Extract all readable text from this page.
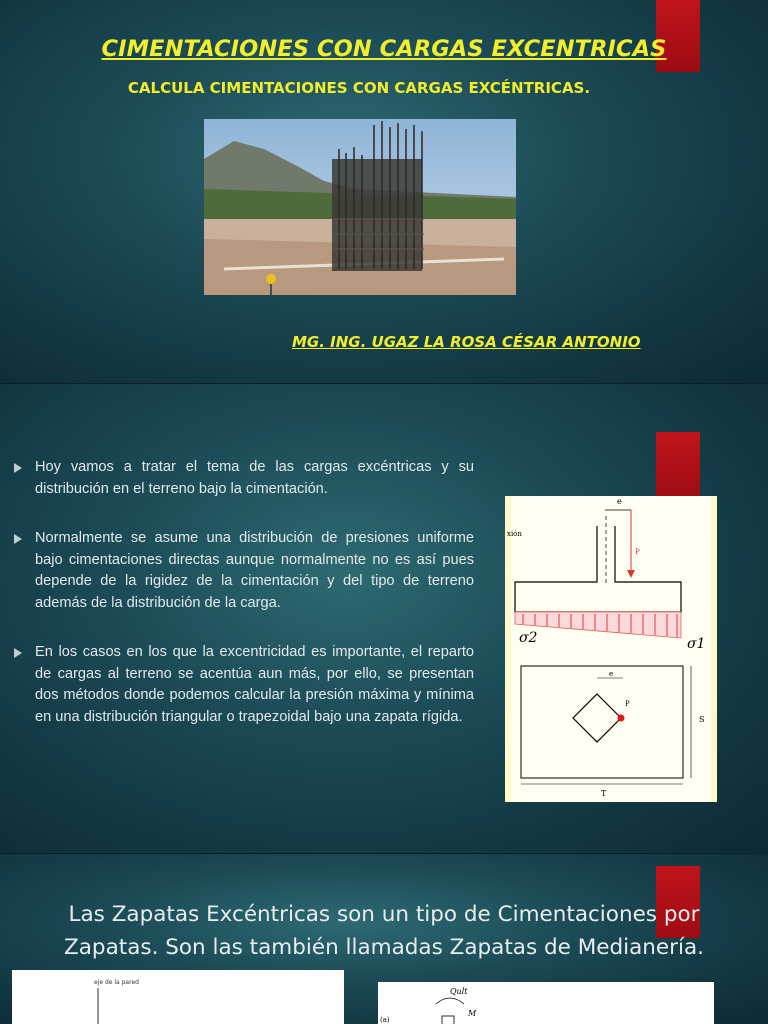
CIMENTACIONES CON CARGAS EXCENTRICAS
CALCULA CIMENTACIONES CON CARGAS EXCÉNTRICAS.
MG. ING. UGAZ LA ROSA CÉSAR ANTONIO
Hoy vamos a tratar el tema de las cargas excéntricas y su distribución en el terreno bajo la cimentación.
Normalmente se asume una distribución de presiones uniforme bajo cimentaciones directas aunque normalmente no es así pues depende de la rigidez de la cimentación y del tipo de terreno además de la distribución de la carga.
En los casos en los que la excentricidad es importante, el reparto de cargas al terreno se acentúa aun más, por ello, se presentan dos métodos donde podemos calcular la presión máxima y mínima en una distribución triangular o trapezoidal bajo una zapata rígida.
xión
e
P
σ2	σ1
e
P
S
T
Las Zapatas Excéntricas son un tipo de Cimentaciones por
Zapatas. Son las también llamadas Zapatas de Medianería.
eje de la pared
Qult
M
(a)
